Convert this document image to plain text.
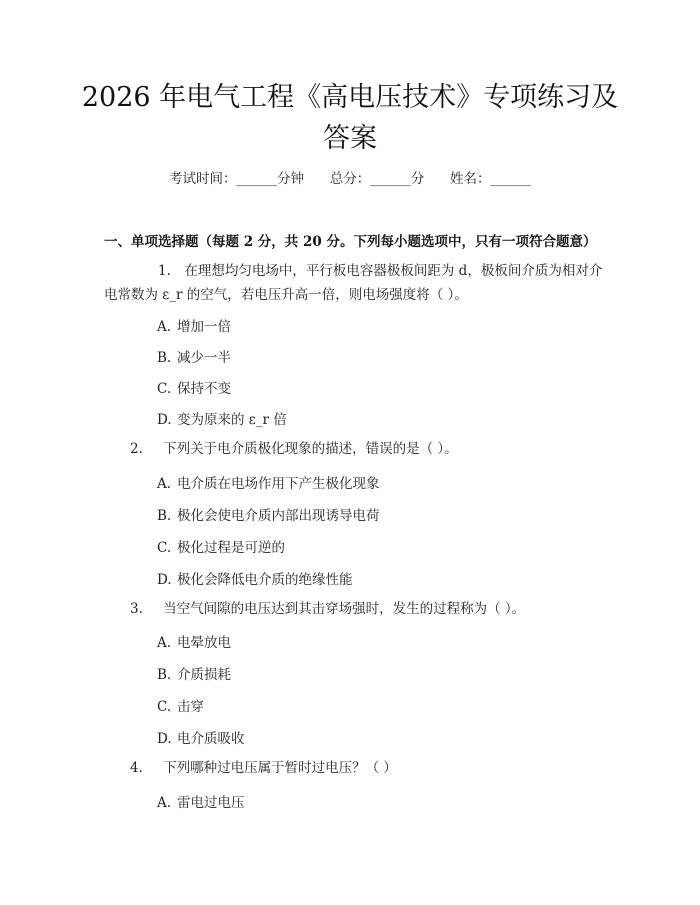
2026 年电气工程《高电压技术》专项练习及
答案
考试时间：______分钟      总分：______分      姓名：______
一、单项选择题（每题 2 分，共 20 分。下列每小题选项中，只有一项符合题意）
1.  在理想均匀电场中，平行板电容器极板间距为 d，极板间介质为相对介电常数为 ε_r 的空气，若电压升高一倍，则电场强度将（ ）。
A. 增加一倍
B. 减少一半
C. 保持不变
D. 变为原来的 ε_r 倍
2.   下列关于电介质极化现象的描述，错误的是（ ）。
A. 电介质在电场作用下产生极化现象
B. 极化会使电介质内部出现诱导电荷
C. 极化过程是可逆的
D. 极化会降低电介质的绝缘性能
3.   当空气间隙的电压达到其击穿场强时，发生的过程称为（ ）。
A. 电晕放电
B. 介质损耗
C. 击穿
D. 电介质吸收
4.   下列哪种过电压属于暂时过电压？（ ）
A. 雷电过电压
